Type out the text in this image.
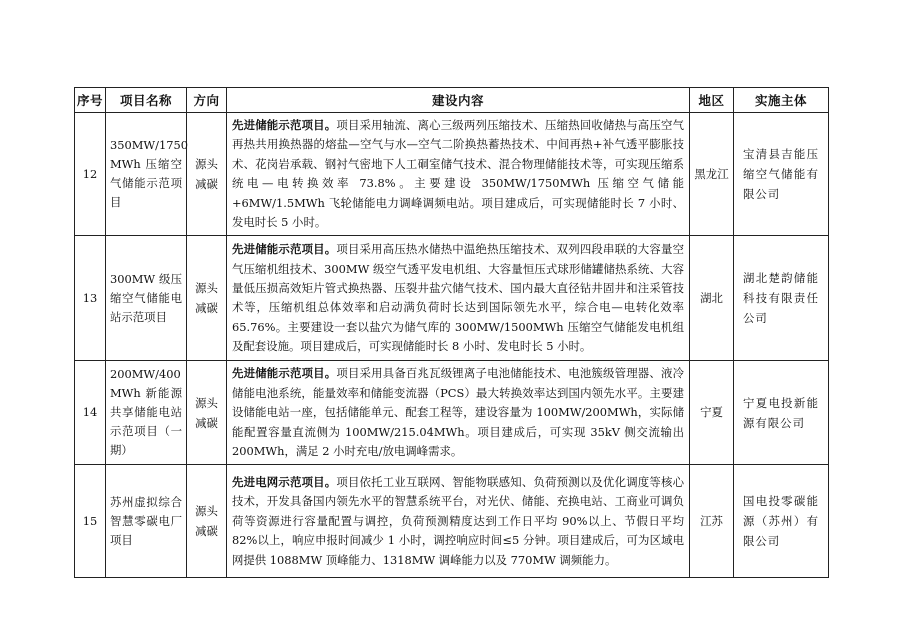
序号	项目名称	方向	建设内容	地区	实施主体
12	350MW/1750 MWh 压缩空气储能示范项目	源头减碳	先进储能示范项目。项目采用轴流、离心三级两列压缩技术、压缩热回收储热与高压空气再热共用换热器的熔盐—空气与水—空气二阶换热蓄热技术、中间再热+补气透平膨胀技术、花岗岩承载、钢衬气密地下人工硐室储气技术、混合物理储能技术等，可实现压缩系统电—电转换效率 73.8%。主要建设 350MW/1750MWh 压缩空气储能+6MW/1.5MWh 飞轮储能电力调峰调频电站。项目建成后，可实现储能时长 7 小时、发电时长 5 小时。	黑龙江	宝清县吉能压缩空气储能有限公司
13	300MW 级压缩空气储能电站示范项目	源头减碳	先进储能示范项目。项目采用高压热水储热中温绝热压缩技术、双列四段串联的大容量空气压缩机组技术、300MW 级空气透平发电机组、大容量恒压式球形储罐储热系统、大容量低压损高效矩片管式换热器、压裂井盐穴储气技术、国内最大直径钻井固井和注采管技术等，压缩机组总体效率和启动满负荷时长达到国际领先水平，综合电—电转化效率 65.76%。主要建设一套以盐穴为储气库的 300MW/1500MWh 压缩空气储能发电机组及配套设施。项目建成后，可实现储能时长 8 小时、发电时长 5 小时。	湖北	湖北楚韵储能科技有限责任公司
14	200MW/400 MWh 新能源共享储能电站示范项目（一期）	源头减碳	先进储能示范项目。项目采用具备百兆瓦级锂离子电池储能技术、电池簇级管理器、液冷储能电池系统，能量效率和储能变流器（PCS）最大转换效率达到国内领先水平。主要建设储能电站一座，包括储能单元、配套工程等，建设容量为 100MW/200MWh，实际储能配置容量直流侧为 100MW/215.04MWh。项目建成后，可实现 35kV 侧交流输出 200MWh，满足 2 小时充电/放电调峰需求。	宁夏	宁夏电投新能源有限公司
15	苏州虚拟综合智慧零碳电厂项目	源头减碳	先进电网示范项目。项目依托工业互联网、智能物联感知、负荷预测以及优化调度等核心技术，开发具备国内领先水平的智慧系统平台，对光伏、储能、充换电站、工商业可调负荷等资源进行容量配置与调控，负荷预测精度达到工作日平均 90%以上、节假日平均 82%以上，响应申报时间减少 1 小时，调控响应时间≤5 分钟。项目建成后，可为区域电网提供 1088MW 顶峰能力、1318MW 调峰能力以及 770MW 调频能力。	江苏	国电投零碳能源（苏州）有限公司
